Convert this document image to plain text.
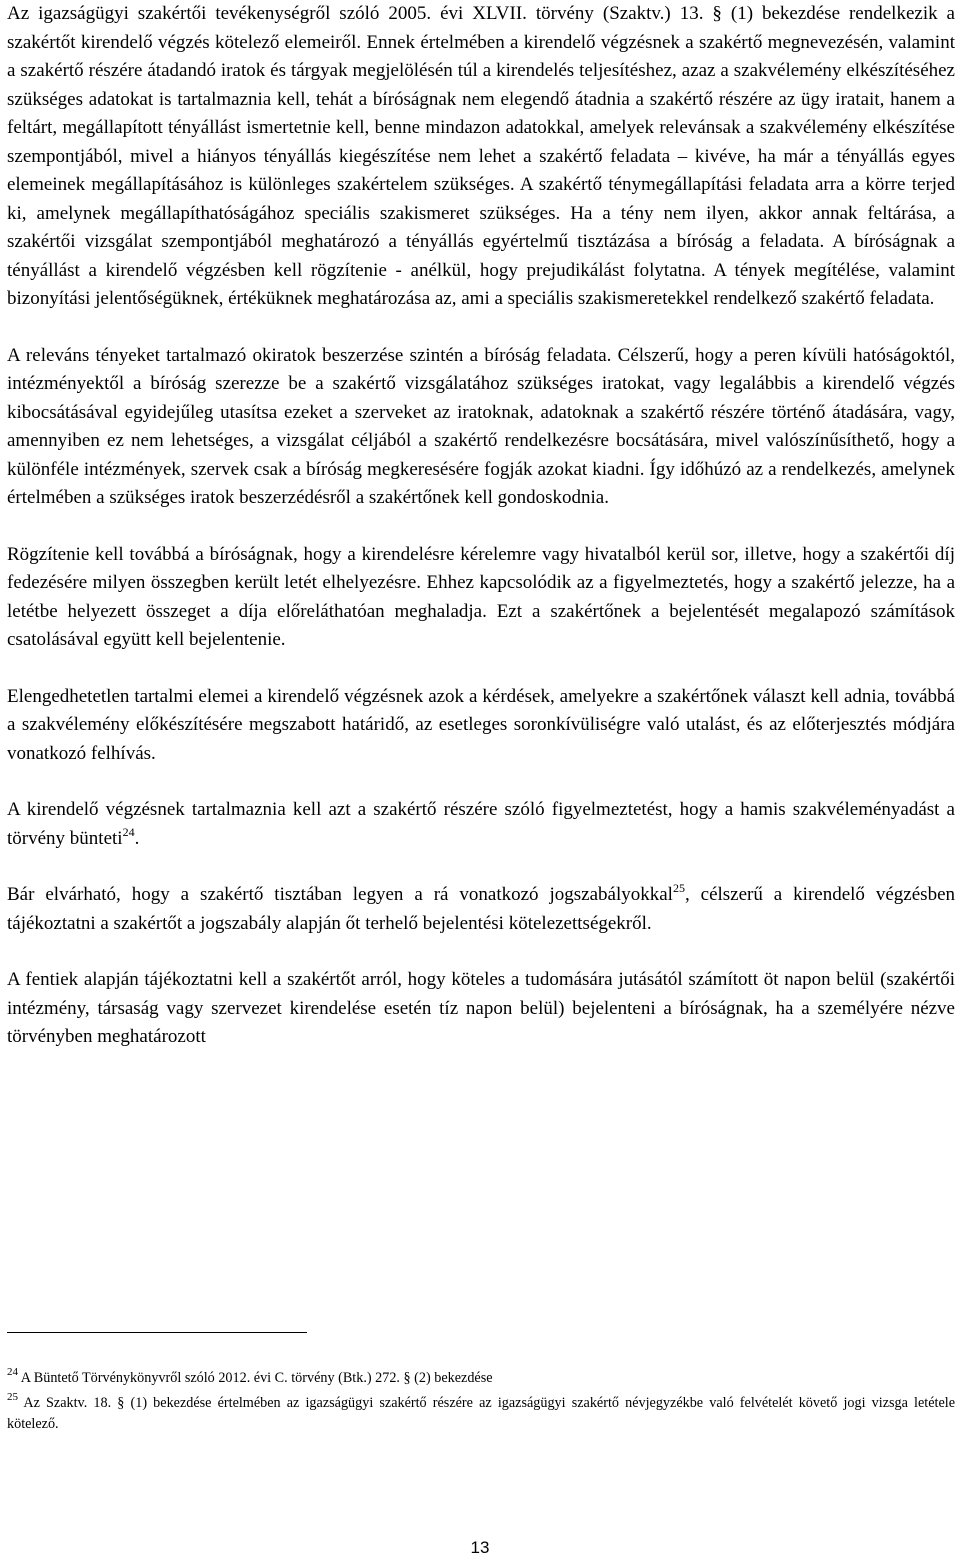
Az igazságügyi szakértői tevékenységről szóló 2005. évi XLVII. törvény (Szaktv.) 13. § (1) bekezdése rendelkezik a szakértőt kirendelő végzés kötelező elemeiről. Ennek értelmében a kirendelő végzésnek a szakértő megnevezésén, valamint a szakértő részére átadandó iratok és tárgyak megjelölésén túl a kirendelés teljesítéshez, azaz a szakvélemény elkészítéséhez szükséges adatokat is tartalmaznia kell, tehát a bíróságnak nem elegendő átadnia a szakértő részére az ügy iratait, hanem a feltárt, megállapított tényállást ismertetnie kell, benne mindazon adatokkal, amelyek relevánsak a szakvélemény elkészítése szempontjából, mivel a hiányos tényállás kiegészítése nem lehet a szakértő feladata – kivéve, ha már a tényállás egyes elemeinek megállapításához is különleges szakértelem szükséges. A szakértő ténymegállapítási feladata arra a körre terjed ki, amelynek megállapíthatóságához speciális szakismeret szükséges. Ha a tény nem ilyen, akkor annak feltárása, a szakértői vizsgálat szempontjából meghatározó a tényállás egyértelmű tisztázása a bíróság a feladata. A bíróságnak a tényállást a kirendelő végzésben kell rögzítenie - anélkül, hogy prejudikálást folytatna. A tények megítélése, valamint bizonyítási jelentőségüknek, értéküknek meghatározása az, ami a speciális szakismeretekkel rendelkező szakértő feladata.

A releváns tényeket tartalmazó okiratok beszerzése szintén a bíróság feladata. Célszerű, hogy a peren kívüli hatóságoktól, intézményektől a bíróság szerezze be a szakértő vizsgálatához szükséges iratokat, vagy legalábbis a kirendelő végzés kibocsátásával egyidejűleg utasítsa ezeket a szerveket az iratoknak, adatoknak a szakértő részére történő átadására, vagy, amennyiben ez nem lehetséges, a vizsgálat céljából a szakértő rendelkezésre bocsátására, mivel valószínűsíthető, hogy a különféle intézmények, szervek csak a bíróság megkeresésére fogják azokat kiadni. Így időhúzó az a rendelkezés, amelynek értelmében a szükséges iratok beszerzédésről a szakértőnek kell gondoskodnia.

Rögzítenie kell továbbá a bíróságnak, hogy a kirendelésre kérelemre vagy hivatalból kerül sor, illetve, hogy a szakértői díj fedezésére milyen összegben került letét elhelyezésre. Ehhez kapcsolódik az a figyelmeztetés, hogy a szakértő jelezze, ha a letétbe helyezett összeget a díja előreláthatóan meghaladja. Ezt a szakértőnek a bejelentését megalapozó számítások csatolásával együtt kell bejelentenie.

Elengedhetetlen tartalmi elemei a kirendelő végzésnek azok a kérdések, amelyekre a szakértőnek választ kell adnia, továbbá a szakvélemény előkészítésére megszabott határidő, az esetleges soronkívüliségre való utalást, és az előterjesztés módjára vonatkozó felhívás.

A kirendelő végzésnek tartalmaznia kell azt a szakértő részére szóló figyelmeztetést, hogy a hamis szakvéleményadást a törvény bünteti$^{24}$.

Bár elvárható, hogy a szakértő tisztában legyen a rá vonatkozó jogszabályokkal$^{25}$, célszerű a kirendelő végzésben tájékoztatni a szakértőt a jogszabály alapján őt terhelő bejelentési kötelezettségekről.

A fentiek alapján tájékoztatni kell a szakértőt arról, hogy köteles a tudomására jutásától számított öt napon belül (szakértői intézmény, társaság vagy szervezet kirendelése esetén tíz napon belül) bejelenteni a bíróságnak, ha a személyére nézve törvényben meghatározott

$^{24}$ A Büntető Törvénykönyvről szóló 2012. évi C. törvény (Btk.) 272. § (2) bekezdése

$^{25}$ Az Szaktv. 18. § (1) bekezdése értelmében az igazságügyi szakértő részére az igazságügyi szakértő névjegyzékbe való felvételét követő jogi vizsga letétele kötelező.

13
